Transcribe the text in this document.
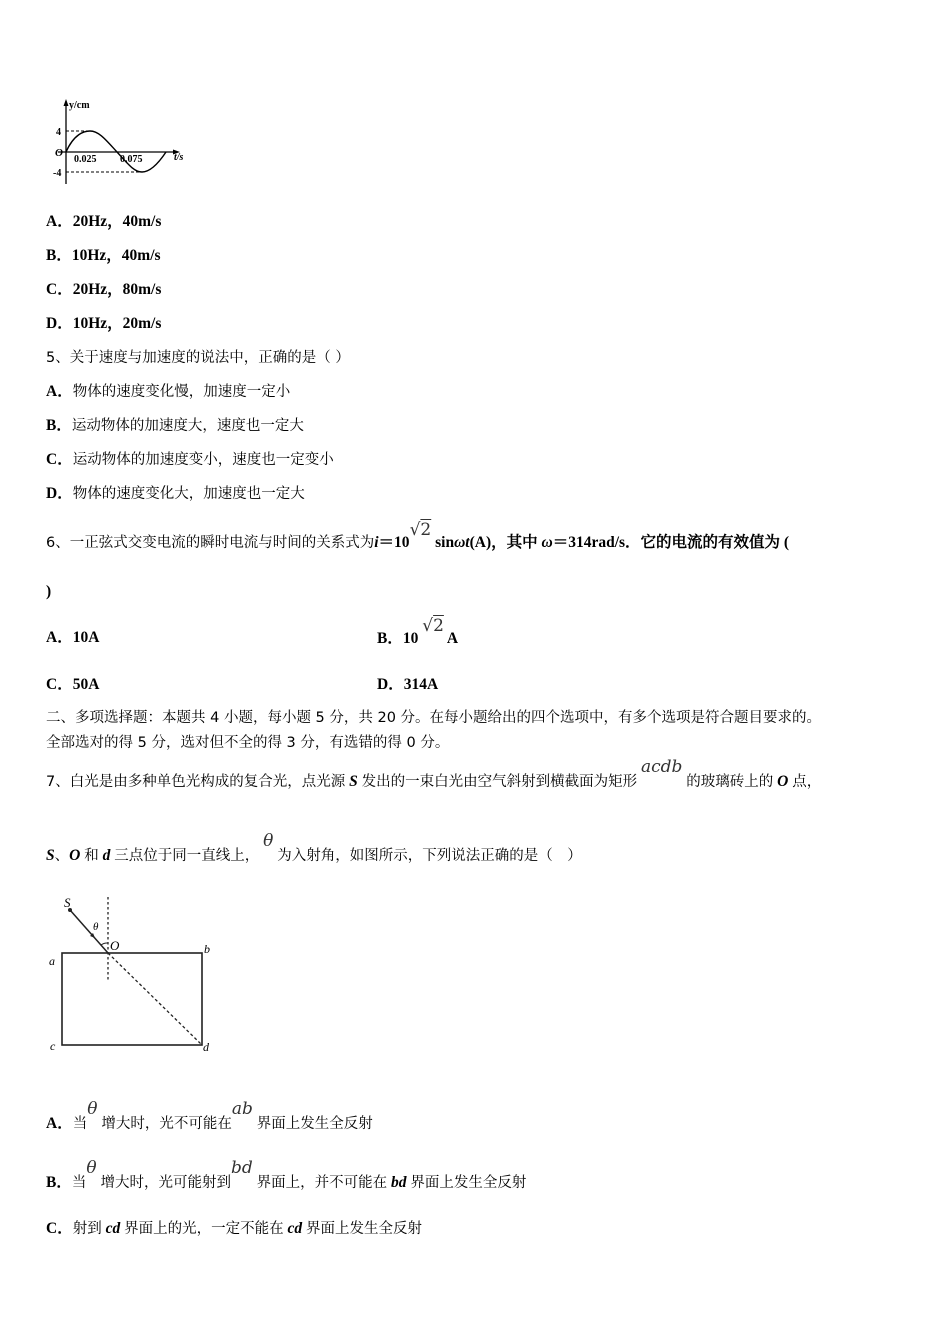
y/cm
4
-4
O
0.025 0.075	t/s
A．20Hz，40m/s
B．10Hz，40m/s
C．20Hz，80m/s
D．10Hz，20m/s
5、关于速度与加速度的说法中，正确的是（ ）
A．物体的速度变化慢，加速度一定小
B．运动物体的加速度大，速度也一定大
C．运动物体的加速度变小，速度也一定变小
D．物体的速度变化大，加速度也一定大
6、一正弦式交变电流的瞬时电流与时间的关系式为i＝10√2 sinωt(A)，其中 ω＝314rad/s．它的电流的有效值为 (
)
A．10A	B．10 √2 A
C．50A	D．314A
二、多项选择题：本题共 4 小题，每小题 5 分，共 20 分。在每小题给出的四个选项中，有多个选项是符合题目要求的。
全部选对的得 5 分，选对但不全的得 3 分，有选错的得 0 分。
7、白光是由多种单色光构成的复合光，点光源 S 发出的一束白光由空气斜射到横截面为矩形 acdb 的玻璃砖上的 O 点，
S、O 和 d 三点位于同一直线上， θ 为入射角，如图所示，下列说法正确的是（　）
S
θ
O
a
b
c	d
A．当θ 增大时，光不可能在ab 界面上发生全反射
B．当θ 增大时，光可能射到bd 界面上，并不可能在 bd 界面上发生全反射
C．射到 cd 界面上的光，一定不能在 cd 界面上发生全反射
